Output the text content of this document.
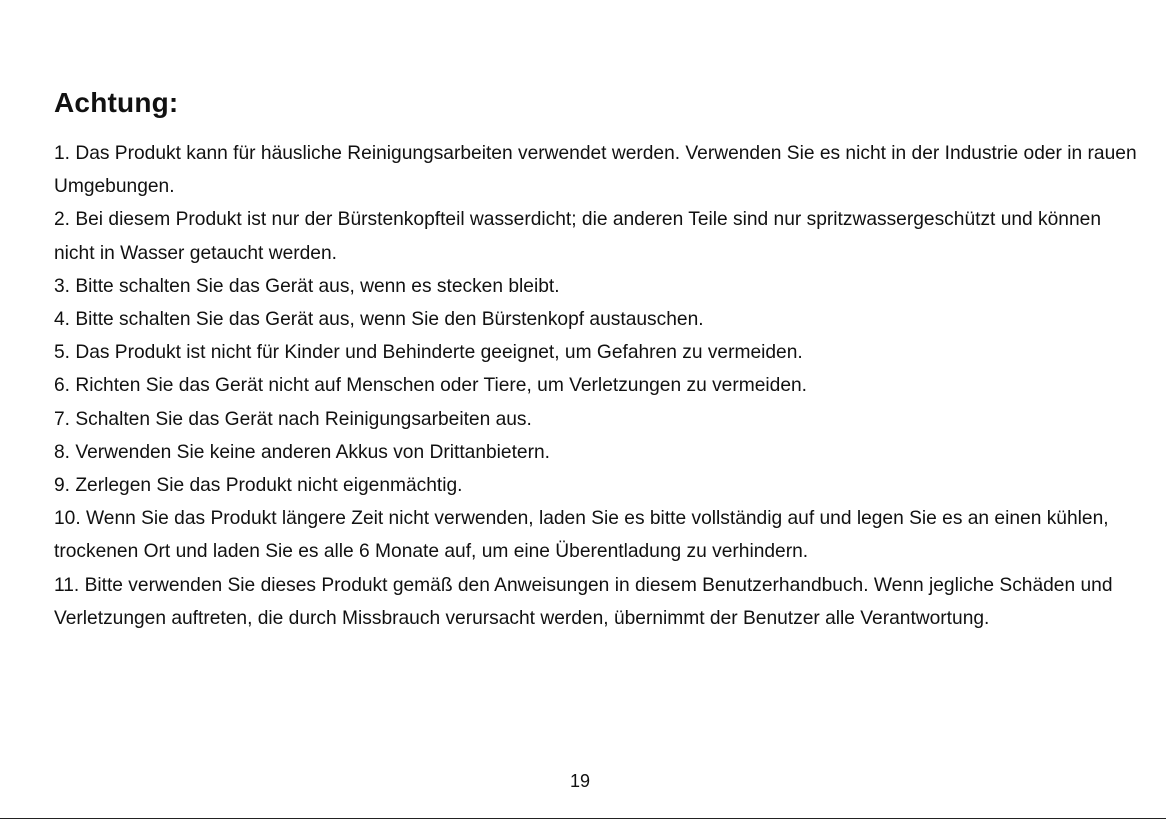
Achtung:
1. Das Produkt kann für häusliche Reinigungsarbeiten verwendet werden. Verwenden Sie es nicht in der Industrie oder in rauen Umgebungen.
2. Bei diesem Produkt ist nur der Bürstenkopfteil wasserdicht; die anderen Teile sind nur spritzwassergeschützt und können nicht in Wasser getaucht werden.
3. Bitte schalten Sie das Gerät aus, wenn es stecken bleibt.
4. Bitte schalten Sie das Gerät aus, wenn Sie den Bürstenkopf austauschen.
5. Das Produkt ist nicht für Kinder und Behinderte geeignet, um Gefahren zu vermeiden.
6. Richten Sie das Gerät nicht auf Menschen oder Tiere, um Verletzungen zu vermeiden.
7. Schalten Sie das Gerät nach Reinigungsarbeiten aus.
8. Verwenden Sie keine anderen Akkus von Drittanbietern.
9. Zerlegen Sie das Produkt nicht eigenmächtig.
10. Wenn Sie das Produkt längere Zeit nicht verwenden, laden Sie es bitte vollständig auf und legen Sie es an einen kühlen, trockenen Ort und laden Sie es alle 6 Monate auf, um eine Überentladung zu verhindern.
11. Bitte verwenden Sie dieses Produkt gemäß den Anweisungen in diesem Benutzerhandbuch. Wenn jegliche Schäden und Verletzungen auftreten, die durch Missbrauch verursacht werden, übernimmt der Benutzer alle Verantwortung.
19
